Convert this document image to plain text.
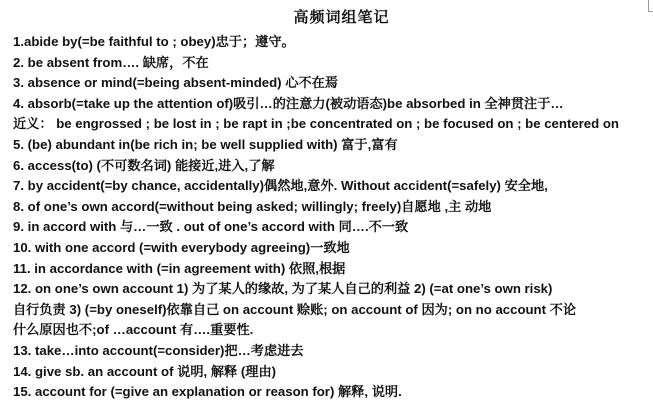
高频词组笔记
1.abide by(=be faithful to ; obey)忠于；遵守。
2. be absent from…. 缺席，不在
3. absence or mind(=being absent-minded) 心不在焉
4. absorb(=take up the attention of)吸引…的注意力(被动语态)be absorbed in 全神贯注于…
近义： be engrossed ; be lost in ; be rapt in ;be concentrated on ; be focused on ; be centered on
5. (be) abundant in(be rich in; be well supplied with) 富于,富有
6. access(to) (不可数名词) 能接近,进入,了解
7. by accident(=by chance, accidentally)偶然地,意外. Without accident(=safely) 安全地,
8. of one’s own accord(=without being asked; willingly; freely)自愿地 ,主 动地
9. in accord with 与…一致 . out of one’s accord with 同….不一致
10. with one accord (=with everybody agreeing)一致地
11. in accordance with (=in agreement with) 依照,根据
12. on one’s own account 1) 为了某人的缘故, 为了某人自己的利益 2) (=at one’s own risk)
自行负责 3) (=by oneself)依靠自己 on account 赊账; on account of 因为; on no account 不论
什么原因也不;of …account 有….重要性.
13. take…into account(=consider)把…考虑进去
14. give sb. an account of 说明, 解释 (理由)
15. account for (=give an explanation or reason for) 解释, 说明.
